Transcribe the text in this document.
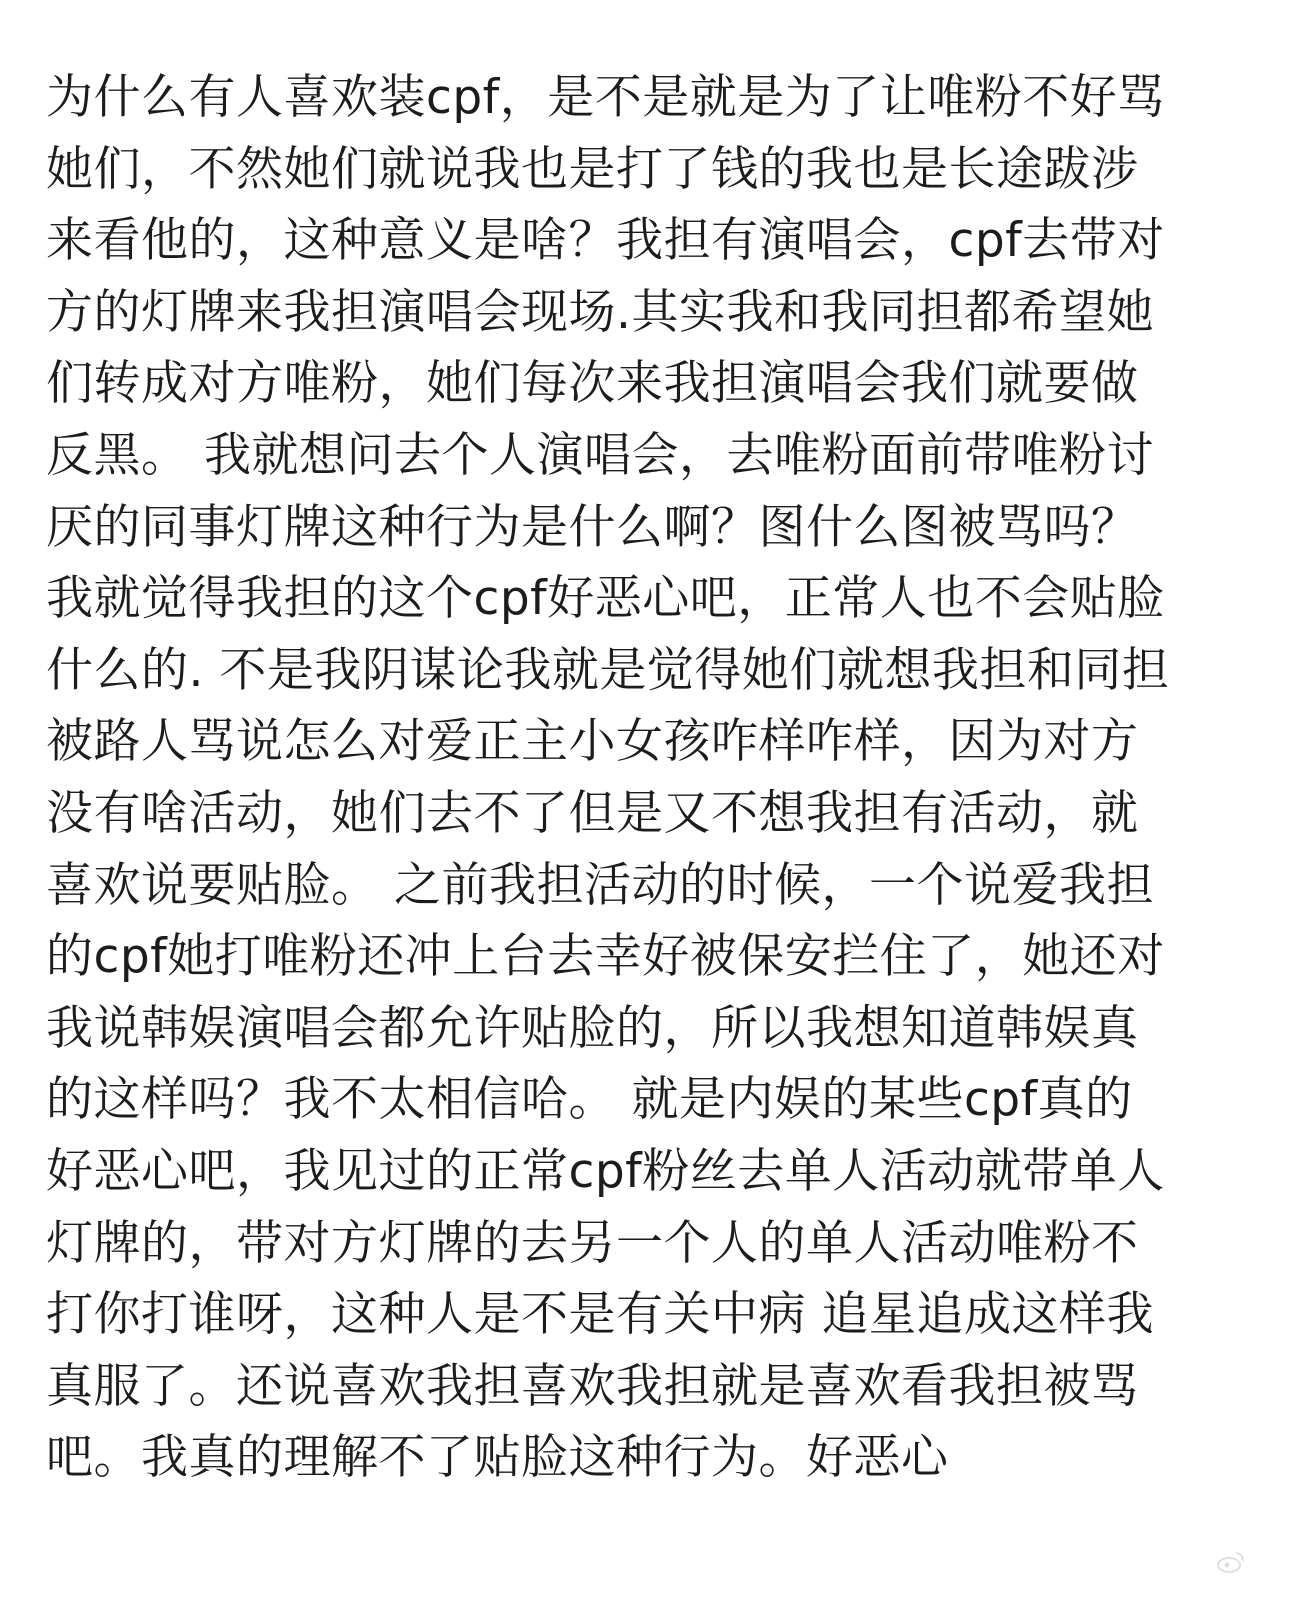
为什么有人喜欢装cpf，是不是就是为了让唯粉不好骂
她们，不然她们就说我也是打了钱的我也是长途跋涉
来看他的，这种意义是啥？我担有演唱会，cpf去带对
方的灯牌来我担演唱会现场.其实我和我同担都希望她
们转成对方唯粉，她们每次来我担演唱会我们就要做
反黑。 我就想问去个人演唱会，去唯粉面前带唯粉讨
厌的同事灯牌这种行为是什么啊？图什么图被骂吗？
我就觉得我担的这个cpf好恶心吧，正常人也不会贴脸
什么的. 不是我阴谋论我就是觉得她们就想我担和同担
被路人骂说怎么对爱正主小女孩咋样咋样，因为对方
没有啥活动，她们去不了但是又不想我担有活动，就
喜欢说要贴脸。 之前我担活动的时候，一个说爱我担
的cpf她打唯粉还冲上台去幸好被保安拦住了，她还对
我说韩娱演唱会都允许贴脸的，所以我想知道韩娱真
的这样吗？我不太相信哈。 就是内娱的某些cpf真的
好恶心吧，我见过的正常cpf粉丝去单人活动就带单人
灯牌的，带对方灯牌的去另一个人的单人活动唯粉不
打你打谁呀，这种人是不是有关中病 追星追成这样我
真服了。还说喜欢我担喜欢我担就是喜欢看我担被骂
吧。我真的理解不了贴脸这种行为。好恶心
